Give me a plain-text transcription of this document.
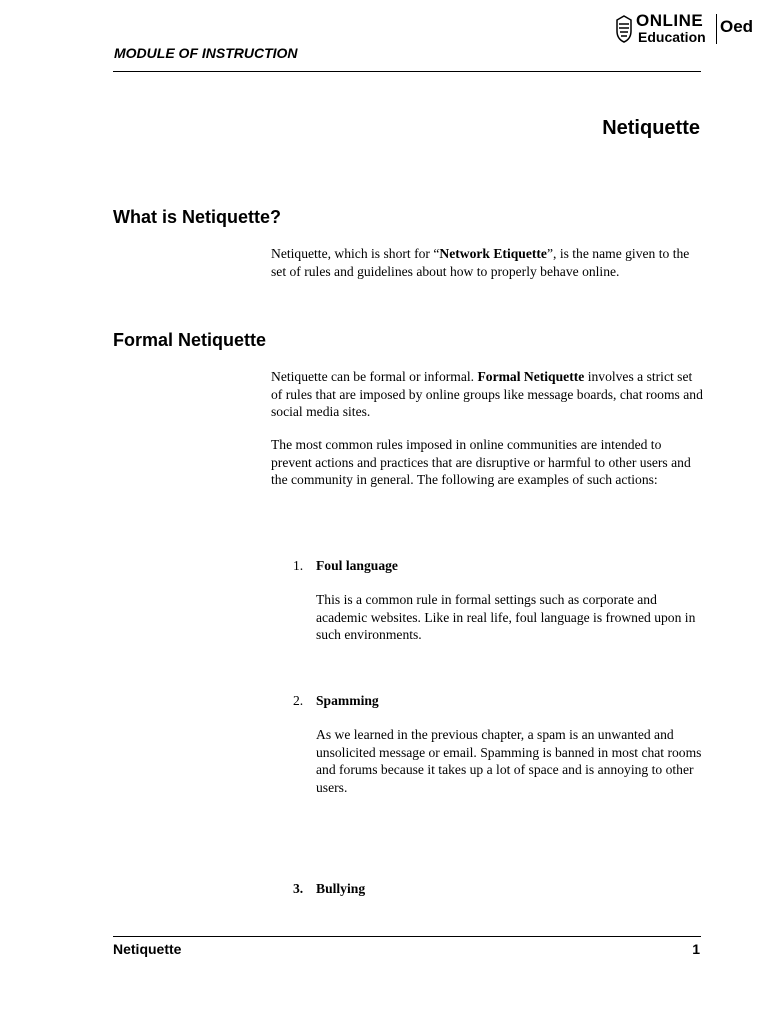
MODULE OF INSTRUCTION
ONLINE
Education
Oed
Netiquette
What is Netiquette?
Netiquette, which is short for “Network Etiquette”, is the name given to the set of rules and guidelines about how to properly behave online.
Formal Netiquette
Netiquette can be formal or informal. Formal Netiquette involves a strict set of rules that are imposed by online groups like message boards, chat rooms and social media sites.
The most common rules imposed in online communities are intended to prevent actions and practices that are disruptive or harmful to other users and the community in general. The following are examples of such actions:
1. Foul language
This is a common rule in formal settings such as corporate and academic websites. Like in real life, foul language is frowned upon in such environments.
2. Spamming
As we learned in the previous chapter, a spam is an unwanted and unsolicited message or email. Spamming is banned in most chat rooms and forums because it takes up a lot of space and is annoying to other users.
3. Bullying
Netiquette	1
